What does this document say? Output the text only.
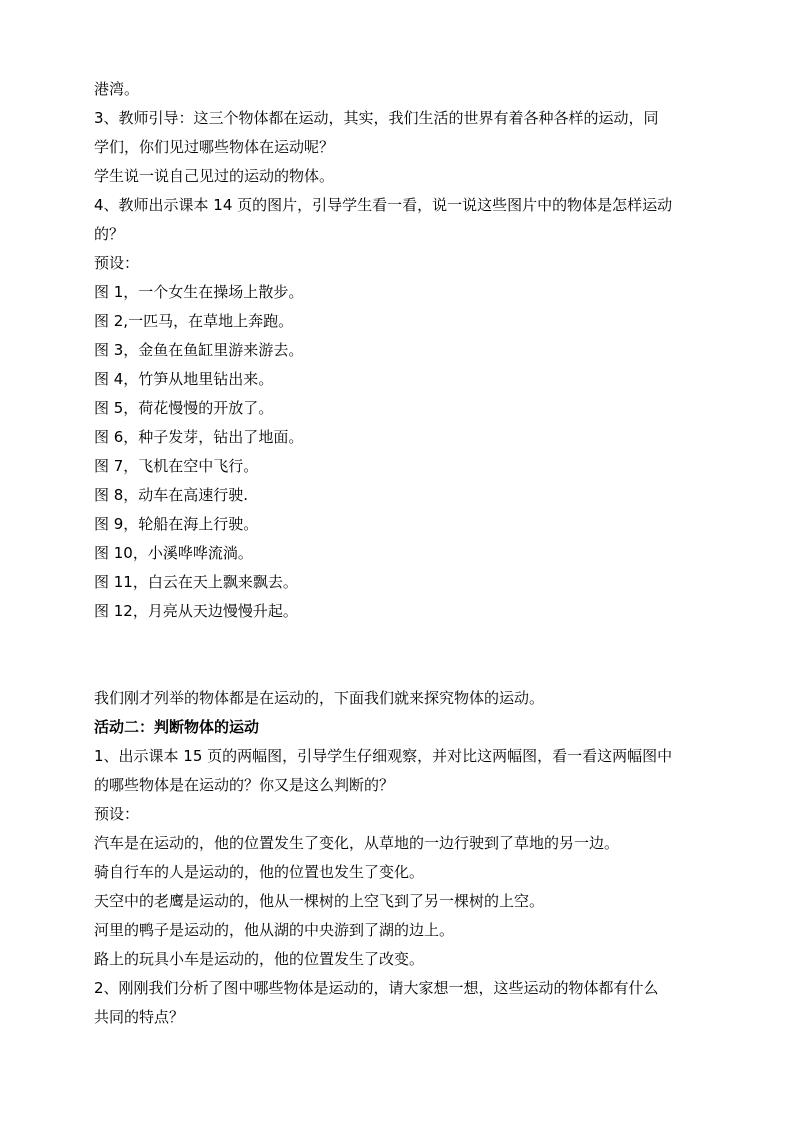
港湾。
3、教师引导：这三个物体都在运动，其实，我们生活的世界有着各种各样的运动，同
学们，你们见过哪些物体在运动呢？
学生说一说自己见过的运动的物体。
4、教师出示课本 14 页的图片，引导学生看一看，说一说这些图片中的物体是怎样运动
的？
预设：
图 1，一个女生在操场上散步。
图 2,一匹马，在草地上奔跑。
图 3，金鱼在鱼缸里游来游去。
图 4，竹笋从地里钻出来。
图 5，荷花慢慢的开放了。
图 6，种子发芽，钻出了地面。
图 7，飞机在空中飞行。
图 8，动车在高速行驶.
图 9，轮船在海上行驶。
图 10，小溪哗哗流淌。
图 11，白云在天上飘来飘去。
图 12，月亮从天边慢慢升起。
我们刚才列举的物体都是在运动的，下面我们就来探究物体的运动。
活动二：判断物体的运动
1、出示课本 15 页的两幅图，引导学生仔细观察，并对比这两幅图，看一看这两幅图中
的哪些物体是在运动的？你又是这么判断的？
预设：
汽车是在运动的，他的位置发生了变化，从草地的一边行驶到了草地的另一边。
骑自行车的人是运动的，他的位置也发生了变化。
天空中的老鹰是运动的，他从一棵树的上空飞到了另一棵树的上空。
河里的鸭子是运动的，他从湖的中央游到了湖的边上。
路上的玩具小车是运动的，他的位置发生了改变。
2、刚刚我们分析了图中哪些物体是运动的，请大家想一想，这些运动的物体都有什么
共同的特点？
